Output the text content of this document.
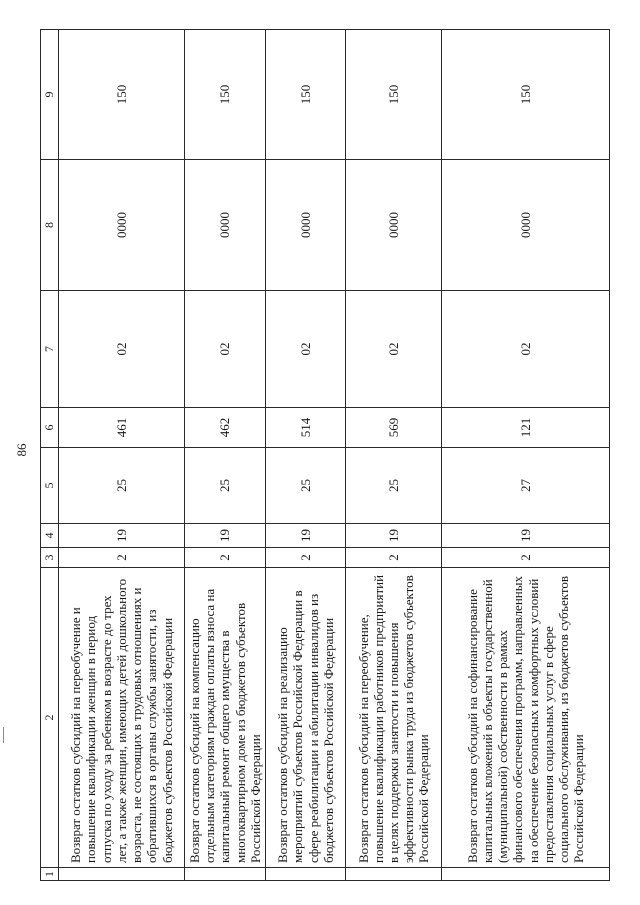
86
1	2	3	4	5	6	7	8	9
	Возврат остатков субсидий на переобучение и повышение квалификации женщин в период отпуска по уходу за ребенком в возрасте до трех лет, а также женщин, имеющих детей дошкольного возраста, не состоящих в трудовых отношениях и обратившихся в органы службы занятости, из бюджетов субъектов Российской Федерации	2	19	25	461	02	0000	150
	Возврат остатков субсидий на компенсацию отдельным категориям граждан оплаты взноса на капитальный ремонт общего имущества в многоквартирном доме из бюджетов субъектов Российской Федерации	2	19	25	462	02	0000	150
	Возврат остатков субсидий на реализацию мероприятий субъектов Российской Федерации в сфере реабилитации и абилитации инвалидов из бюджетов субъектов Российской Федерации	2	19	25	514	02	0000	150
	Возврат остатков субсидий на переобучение, повышение квалификации работников предприятий в целях поддержки занятости и повышения эффективности рынка труда из бюджетов субъектов Российской Федерации	2	19	25	569	02	0000	150
	Возврат остатков субсидий на софинансирование капитальных вложений в объекты государственной (муниципальной) собственности в рамках финансового обеспечения программ, направленных на обеспечение безопасных и комфортных условий предоставления социальных услуг в сфере социального обслуживания, из бюджетов субъектов Российской Федерации	2	19	27	121	02	0000	150
